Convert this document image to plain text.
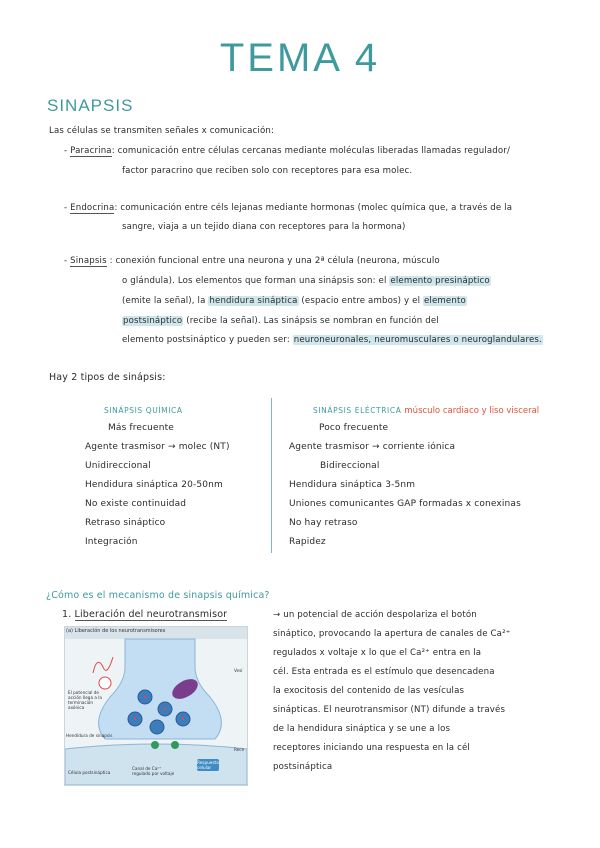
TEMA 4
SINAPSIS
Las células se transmiten señales x comunicación:
- Paracrina: comunicación entre células cercanas mediante moléculas liberadas llamadas regulador/
factor paracrino que reciben solo con receptores para esa molec.
- Endocrina: comunicación entre céls lejanas mediante hormonas (molec química que, a través de la
sangre, viaja a un tejido diana con receptores para la hormona)
- Sinapsis : conexión funcional entre una neurona y una 2ª célula (neurona, músculo
o glándula). Los elementos que forman una sinápsis son: el elemento presináptico
(emite la señal), la hendidura sináptica (espacio entre ambos) y el elemento
postsináptico (recibe la señal). Las sinápsis se nombran en función del
elemento postsináptico y pueden ser: neuroneuronales, neuromusculares o neuroglandulares.
Hay 2 tipos de sinápsis:
SINÁPSIS QUÍMICA
Más frecuente
Agente trasmisor → molec (NT)
Unidireccional
Hendidura sináptica 20-50nm
No existe continuidad
Retraso sináptico
Integración
SINÁPSIS ELÉCTRICA músculo cardiaco y liso visceral
Poco frecuente
Agente trasmisor → corriente iónica
Bidireccional
Hendidura sináptica 3-5nm
Uniones comunicantes GAP formadas x conexinas
No hay retraso
Rapidez
¿Cómo es el mecanismo de sinapsis química?
1. Liberación del neurotransmisor	→ un potencial de acción despolariza el botón
sináptico, provocando la apertura de canales de Ca²⁺
regulados x voltaje x lo que el Ca²⁺ entra en la
cél. Esta entrada es el estímulo que desencadena
la exocitosis del contenido de las vesículas
sinápticas. El neurotransmisor (NT) difunde a través
de la hendidura sináptica y se une a los
receptores iniciando una respuesta en la cél
postsináptica
(a) Liberación de los neurotransmisores
1
El potencial de acción llega a la terminación axónica
Vesí
Hendidura de sinapsis
Célula postsináptica
Canal de Ca²⁺ regulado por voltaje
Respuesta celular
Rece
